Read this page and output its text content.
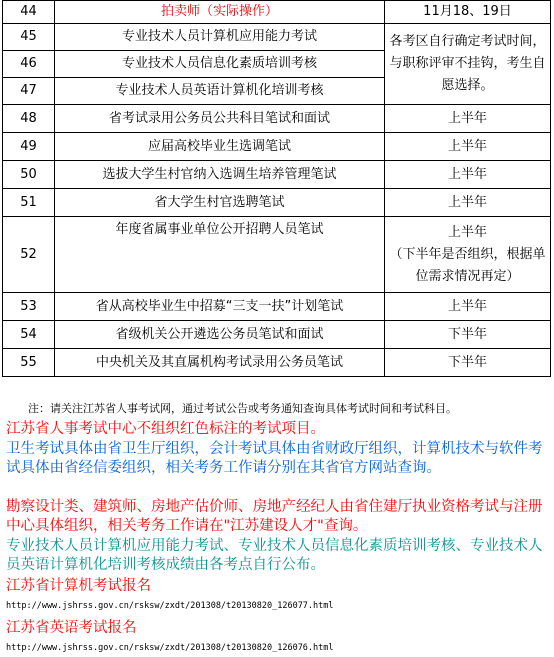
44	拍卖师（实际操作）	11月18、19日
45	专业技术人员计算机应用能力考试	各考区自行确定考试时间，与职称评审不挂钩，考生自愿选择。
46	专业技术人员信息化素质培训考核	
47	专业技术人员英语计算机化培训考核	
48	省考试录用公务员公共科目笔试和面试	上半年
49	应届高校毕业生选调笔试	上半年
50	选拔大学生村官纳入选调生培养管理笔试	上半年
51	省大学生村官选聘笔试	上半年
52	年度省属事业单位公开招聘人员笔试	上半年
（下半年是否组织，根据单位需求情况再定）

53	省从高校毕业生中招募“三支一扶”计划笔试	上半年
54	省级机关公开遴选公务员笔试和面试	下半年
55	中央机关及其直属机构考试录用公务员笔试	下半年
注：请关注江苏省人事考试网，通过考试公告或考务通知查询具体考试时间和考试科目。
江苏省人事考试中心不组织红色标注的考试项目。
卫生考试具体由省卫生厅组织，会计考试具体由省财政厅组织，计算机技术与软件考试具体由省经信委组织，相关考务工作请分别在其省官方网站查询。
勘察设计类、建筑师、房地产估价师、房地产经纪人由省住建厅执业资格考试与注册中心具体组织，相关考务工作请在"江苏建设人才"查询。
专业技术人员计算机应用能力考试、专业技术人员信息化素质培训考核、专业技术人员英语计算机化培训考核成绩由各考点自行公布。
江苏省计算机考试报名
http://www.jshrss.gov.cn/rsksw/zxdt/201308/t20130820_126077.html
江苏省英语考试报名
http://www.jshrss.gov.cn/rsksw/zxdt/201308/t20130820_126076.html
